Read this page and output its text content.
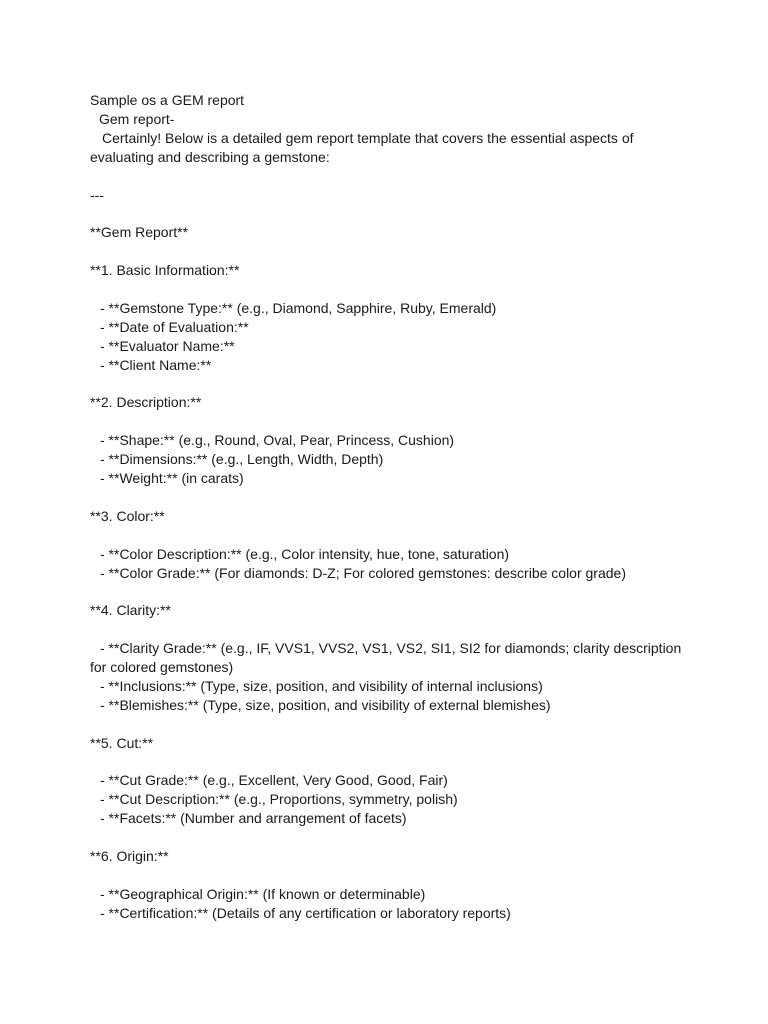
Sample os a GEM report
Gem report-
Certainly! Below is a detailed gem report template that covers the essential aspects of
evaluating and describing a gemstone:
---
**Gem Report**
**1. Basic Information:**
- **Gemstone Type:** (e.g., Diamond, Sapphire, Ruby, Emerald)
- **Date of Evaluation:**
- **Evaluator Name:**
- **Client Name:**
**2. Description:**
- **Shape:** (e.g., Round, Oval, Pear, Princess, Cushion)
- **Dimensions:** (e.g., Length, Width, Depth)
- **Weight:** (in carats)
**3. Color:**
- **Color Description:** (e.g., Color intensity, hue, tone, saturation)
- **Color Grade:** (For diamonds: D-Z; For colored gemstones: describe color grade)
**4. Clarity:**
- **Clarity Grade:** (e.g., IF, VVS1, VVS2, VS1, VS2, SI1, SI2 for diamonds; clarity description
for colored gemstones)
- **Inclusions:** (Type, size, position, and visibility of internal inclusions)
- **Blemishes:** (Type, size, position, and visibility of external blemishes)
**5. Cut:**
- **Cut Grade:** (e.g., Excellent, Very Good, Good, Fair)
- **Cut Description:** (e.g., Proportions, symmetry, polish)
- **Facets:** (Number and arrangement of facets)
**6. Origin:**
- **Geographical Origin:** (If known or determinable)
- **Certification:** (Details of any certification or laboratory reports)
